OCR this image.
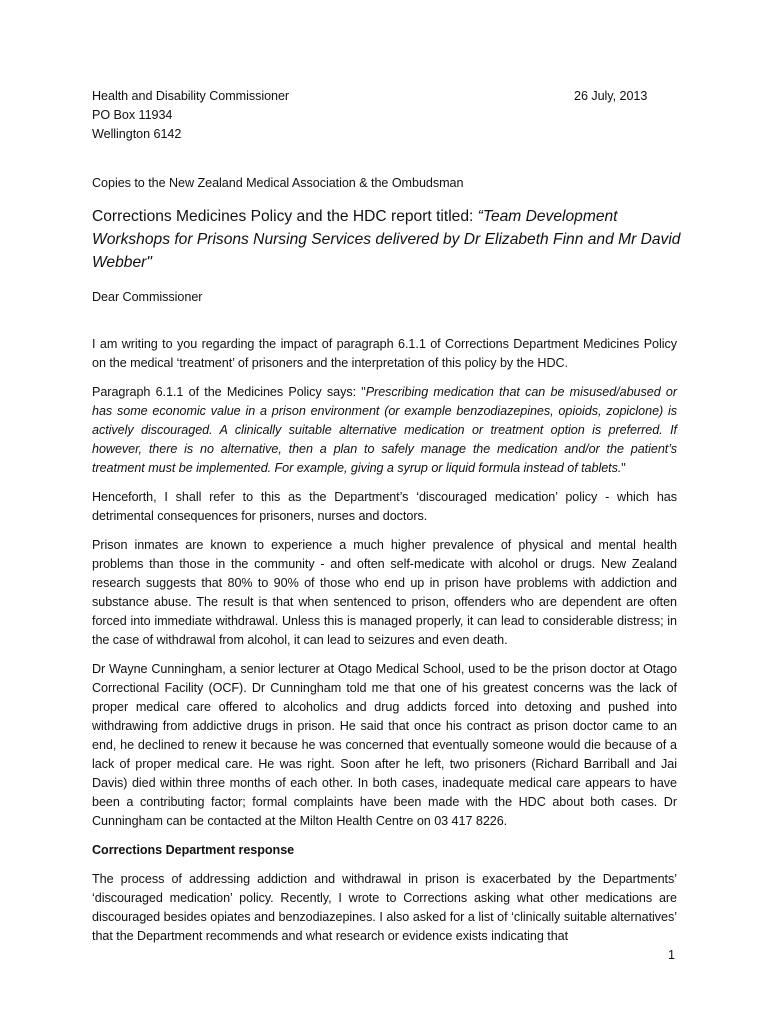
Health and Disability Commissioner
PO Box 11934
Wellington 6142
26 July, 2013
Copies to the New Zealand Medical Association & the Ombudsman
Corrections Medicines Policy and the HDC report titled: “Team Development Workshops for Prisons Nursing Services delivered by Dr Elizabeth Finn and Mr David Webber"
Dear Commissioner

I am writing to you regarding the impact of paragraph 6.1.1 of Corrections Department Medicines Policy on the medical ‘treatment’ of prisoners and the interpretation of this policy by the HDC.

Paragraph 6.1.1 of the Medicines Policy says: "Prescribing medication that can be misused/abused or has some economic value in a prison environment (or example benzodiazepines, opioids, zopiclone) is actively discouraged. A clinically suitable alternative medication or treatment option is preferred. If however, there is no alternative, then a plan to safely manage the medication and/or the patient’s treatment must be implemented. For example, giving a syrup or liquid formula instead of tablets."

Henceforth, I shall refer to this as the Department’s ‘discouraged medication’ policy - which has detrimental consequences for prisoners, nurses and doctors.

Prison inmates are known to experience a much higher prevalence of physical and mental health problems than those in the community - and often self-medicate with alcohol or drugs. New Zealand research suggests that 80% to 90% of those who end up in prison have problems with addiction and substance abuse. The result is that when sentenced to prison, offenders who are dependent are often forced into immediate withdrawal. Unless this is managed properly, it can lead to considerable distress; in the case of withdrawal from alcohol, it can lead to seizures and even death.

Dr Wayne Cunningham, a senior lecturer at Otago Medical School, used to be the prison doctor at Otago Correctional Facility (OCF). Dr Cunningham told me that one of his greatest concerns was the lack of proper medical care offered to alcoholics and drug addicts forced into detoxing and pushed into withdrawing from addictive drugs in prison. He said that once his contract as prison doctor came to an end, he declined to renew it because he was concerned that eventually someone would die because of a lack of proper medical care. He was right. Soon after he left, two prisoners (Richard Barriball and Jai Davis) died within three months of each other. In both cases, inadequate medical care appears to have been a contributing factor; formal complaints have been made with the HDC about both cases. Dr Cunningham can be contacted at the Milton Health Centre on 03 417 8226.

Corrections Department response

The process of addressing addiction and withdrawal in prison is exacerbated by the Departments’ ‘discouraged medication’ policy. Recently, I wrote to Corrections asking what other medications are discouraged besides opiates and benzodiazepines. I also asked for a list of ‘clinically suitable alternatives’ that the Department recommends and what research or evidence exists indicating that

1
